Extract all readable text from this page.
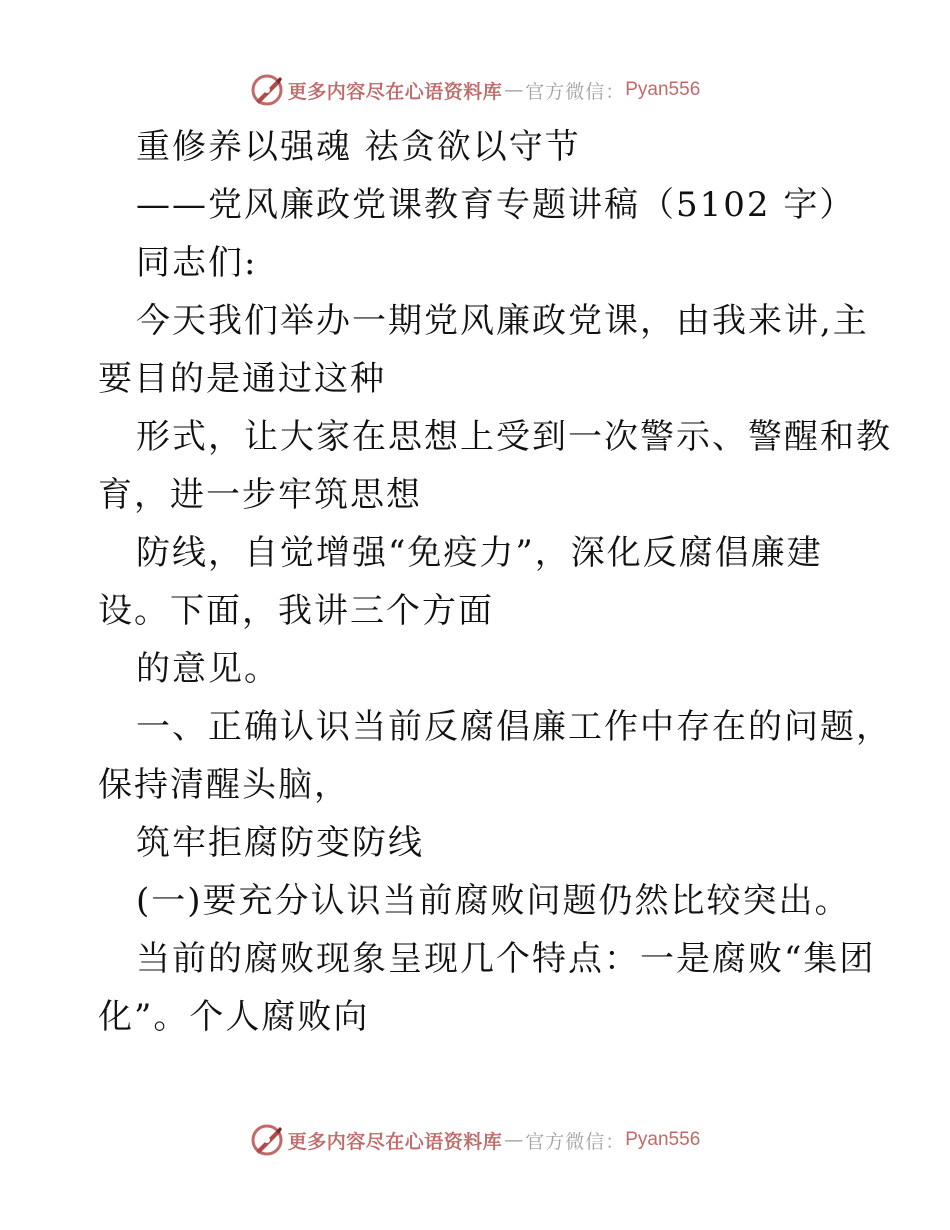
更多内容尽在心语资料库 — 官方微信： Pyan556
重修养以强魂 祛贪欲以守节
——党风廉政党课教育专题讲稿（5102 字）
同志们:
今天我们举办一期党风廉政党课，由我来讲,主
要目的是通过这种
形式，让大家在思想上受到一次警示、警醒和教
育，进一步牢筑思想
防线，自觉增强“免疫力”，深化反腐倡廉建
设。下面，我讲三个方面
的意见。
一、正确认识当前反腐倡廉工作中存在的问题，
保持清醒头脑，
筑牢拒腐防变防线
(一)要充分认识当前腐败问题仍然比较突出。
当前的腐败现象呈现几个特点：一是腐败“集团
化”。个人腐败向
更多内容尽在心语资料库 — 官方微信： Pyan556
